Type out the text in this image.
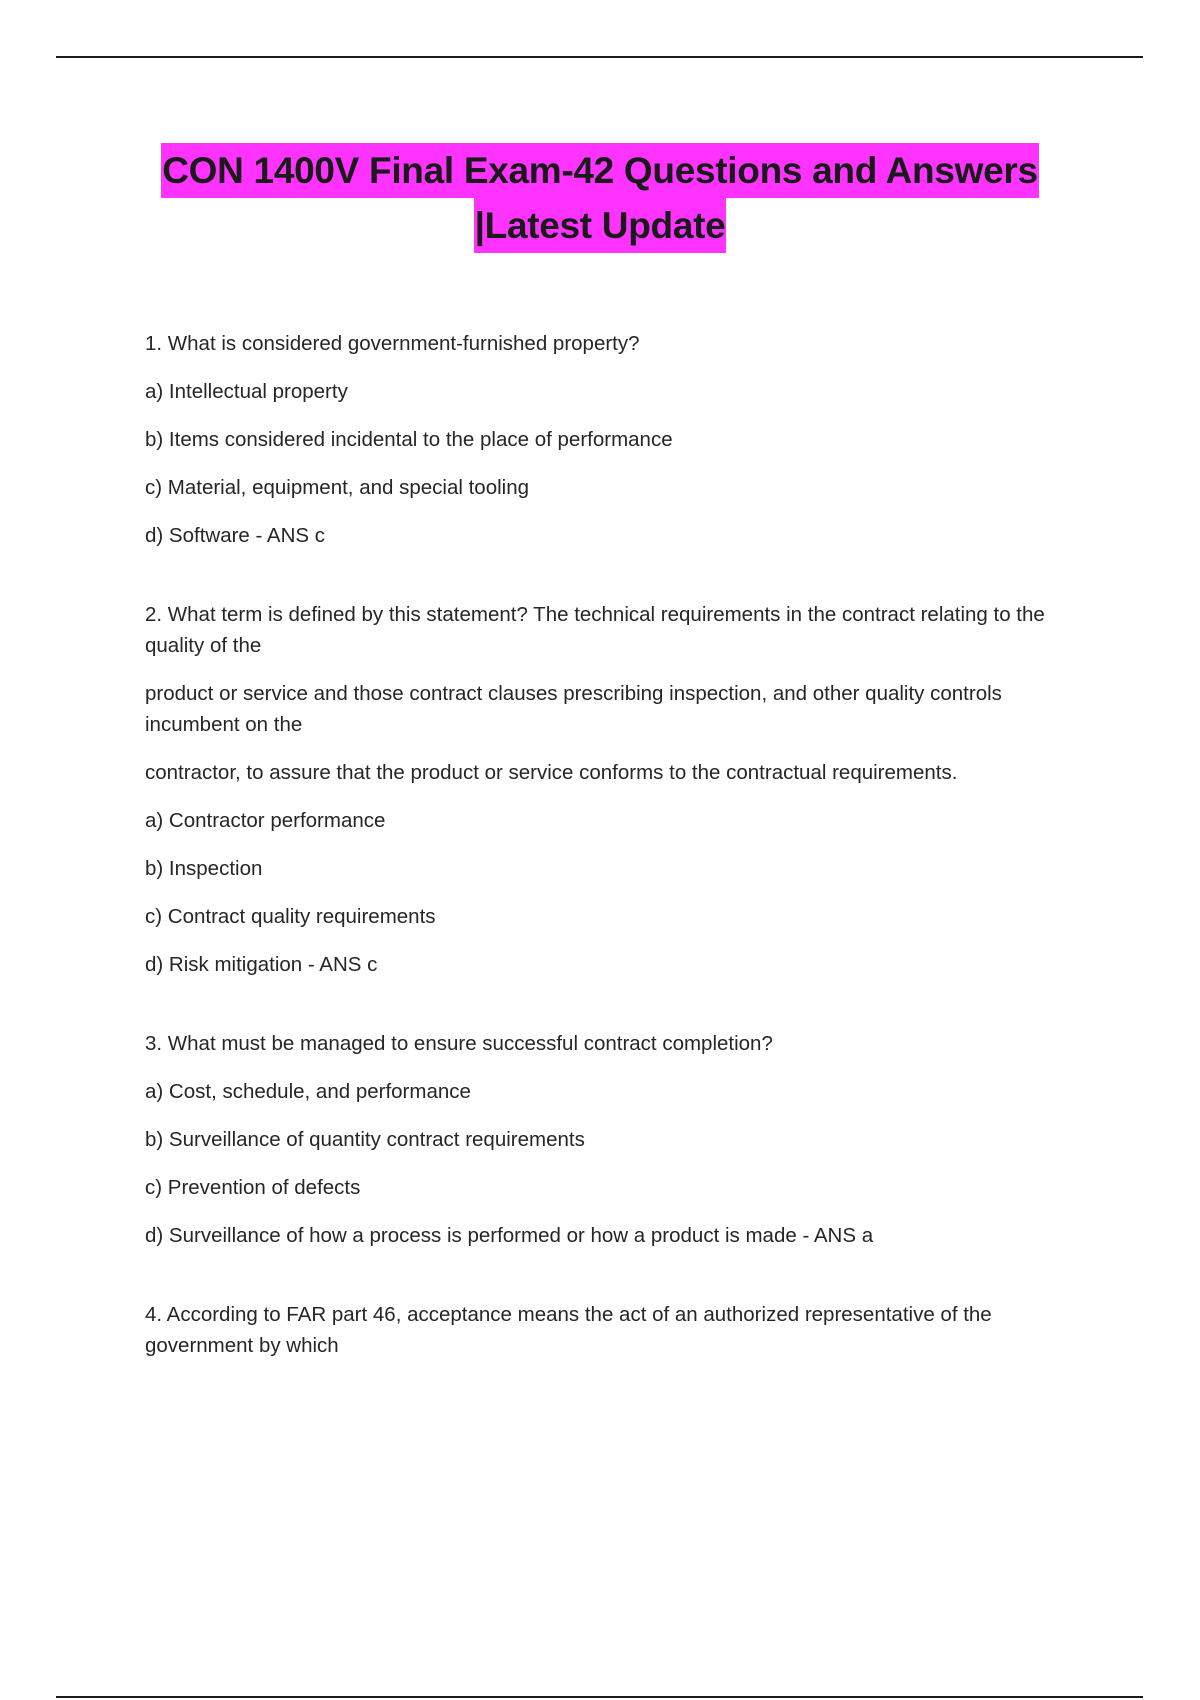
CON 1400V Final Exam-42 Questions and Answers
|Latest Update

1. What is considered government-furnished property?

a) Intellectual property

b) Items considered incidental to the place of performance

c) Material, equipment, and special tooling

d) Software - ANS c

2. What term is defined by this statement? The technical requirements in the contract relating to the quality of the

product or service and those contract clauses prescribing inspection, and other quality controls incumbent on the

contractor, to assure that the product or service conforms to the contractual requirements.

a) Contractor performance

b) Inspection

c) Contract quality requirements

d) Risk mitigation - ANS c

3. What must be managed to ensure successful contract completion?

a) Cost, schedule, and performance

b) Surveillance of quantity contract requirements

c) Prevention of defects

d) Surveillance of how a process is performed or how a product is made - ANS a

4. According to FAR part 46, acceptance means the act of an authorized representative of the government by which
